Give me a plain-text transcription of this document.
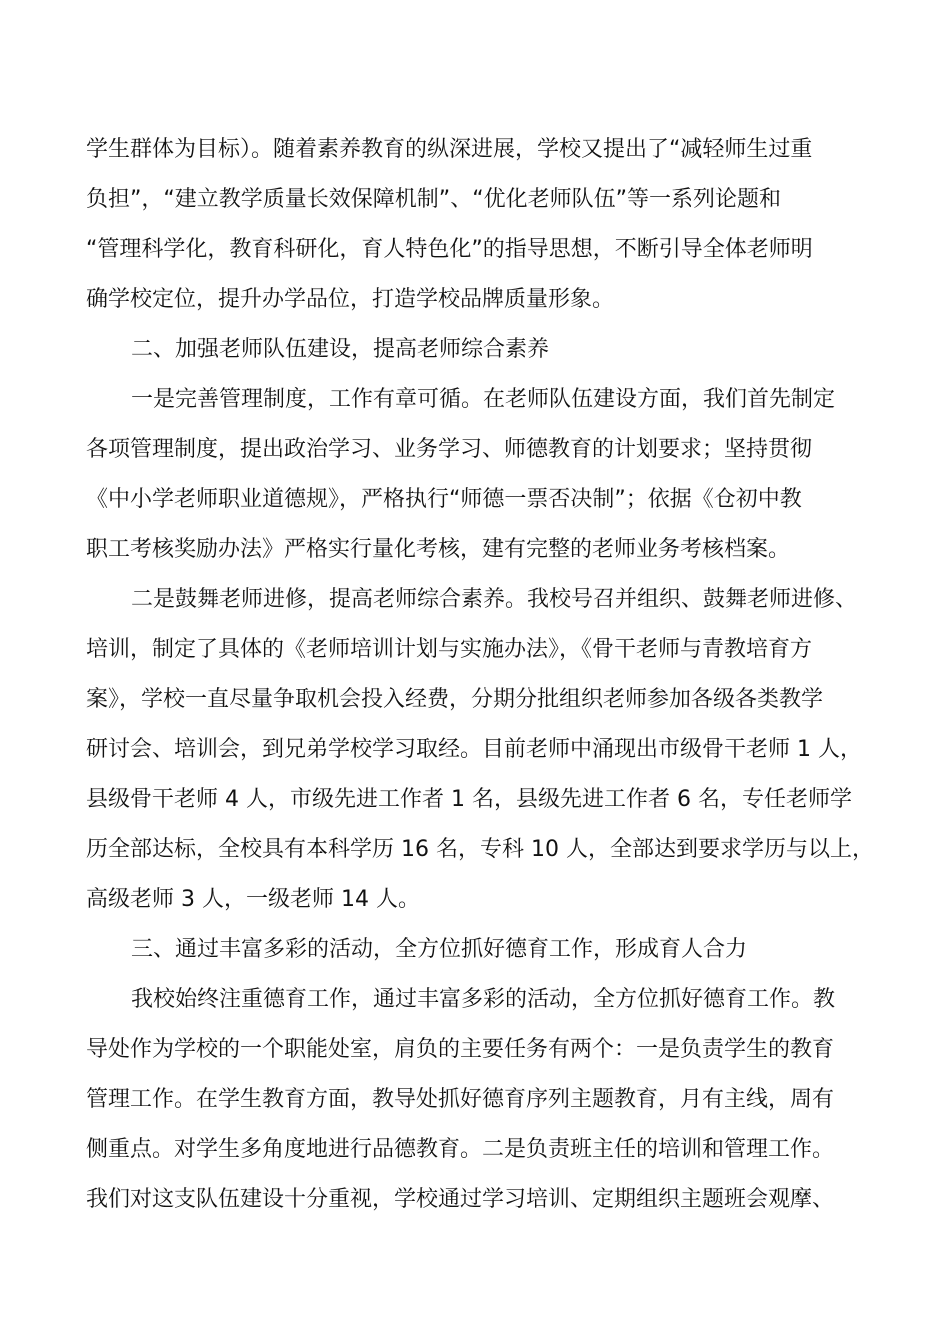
学生群体为目标）。随着素养教育的纵深进展，学校又提出了“减轻师生过重
负担”，“建立教学质量长效保障机制”、“优化老师队伍”等一系列论题和
“管理科学化，教育科研化，育人特色化”的指导思想，不断引导全体老师明
确学校定位，提升办学品位，打造学校品牌质量形象。
二、加强老师队伍建设，提高老师综合素养
一是完善管理制度，工作有章可循。在老师队伍建设方面，我们首先制定
各项管理制度，提出政治学习、业务学习、师德教育的计划要求；坚持贯彻
《中小学老师职业道德规》，严格执行“师德一票否决制”；依据《仓初中教
职工考核奖励办法》严格实行量化考核，建有完整的老师业务考核档案。
二是鼓舞老师进修，提高老师综合素养。我校号召并组织、鼓舞老师进修、
培训，制定了具体的《老师培训计划与实施办法》，《骨干老师与青教培育方
案》，学校一直尽量争取机会投入经费，分期分批组织老师参加各级各类教学
研讨会、培训会，到兄弟学校学习取经。目前老师中涌现出市级骨干老师 1 人，
县级骨干老师 4 人，市级先进工作者 1 名，县级先进工作者 6 名，专任老师学
历全部达标，全校具有本科学历 16 名，专科 10 人，全部达到要求学历与以上，
高级老师 3 人，一级老师 14 人。
三、通过丰富多彩的活动，全方位抓好德育工作，形成育人合力
我校始终注重德育工作，通过丰富多彩的活动，全方位抓好德育工作。教
导处作为学校的一个职能处室，肩负的主要任务有两个：一是负责学生的教育
管理工作。在学生教育方面，教导处抓好德育序列主题教育，月有主线，周有
侧重点。对学生多角度地进行品德教育。二是负责班主任的培训和管理工作。
我们对这支队伍建设十分重视，学校通过学习培训、定期组织主题班会观摩、
